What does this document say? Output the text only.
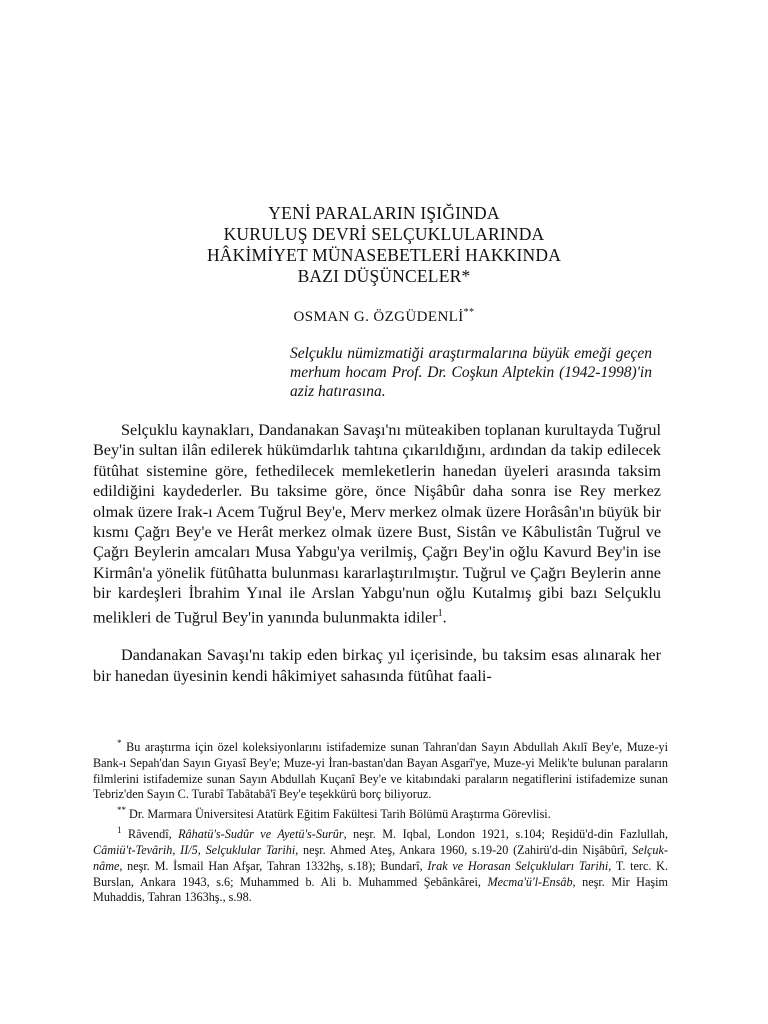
YENİ PARALARIN IŞIĞINDA
KURULUŞ DEVRİ SELÇUKLULARINDA
HÂKİMİYET MÜNASEBETLERİ HAKKINDA
BAZI DÜŞÜNCELER*
OSMAN G. ÖZGÜDENLİ**
Selçuklu nümizmatiği araştırmalarına büyük emeği geçen merhum hocam Prof. Dr. Coşkun Alptekin (1942-1998)'in aziz hatırasına.

Selçuklu kaynakları, Dandanakan Savaşı'nı müteakiben toplanan kurultayda Tuğrul Bey'in sultan ilân edilerek hükümdarlık tahtına çıkarıldığını, ardından da takip edilecek fütûhat sistemine göre, fethedilecek memleketlerin hanedan üyeleri arasında taksim edildiğini kaydederler. Bu taksime göre, önce Nişâbûr daha sonra ise Rey merkez olmak üzere Irak-ı Acem Tuğrul Bey'e, Merv merkez olmak üzere Horâsân'ın büyük bir kısmı Çağrı Bey'e ve Herât merkez olmak üzere Bust, Sistân ve Kâbulistân Tuğrul ve Çağrı Beylerin amcaları Musa Yabgu'ya verilmiş, Çağrı Bey'in oğlu Kavurd Bey'in ise Kirmân'a yönelik fütûhatta bulunması kararlaştırılmıştır. Tuğrul ve Çağrı Beylerin anne bir kardeşleri İbrahim Yınal ile Arslan Yabgu'nun oğlu Kutalmış gibi bazı Selçuklu melikleri de Tuğrul Bey'in yanında bulunmakta idiler$^1$.

Dandanakan Savaşı'nı takip eden birkaç yıl içerisinde, bu taksim esas alınarak her bir hanedan üyesinin kendi hâkimiyet sahasında fütûhat faali-

* Bu araştırma için özel koleksiyonlarını istifademize sunan Tahran'dan Sayın Abdullah Akılî Bey'e, Muze-yi Bank-ı Sepah'dan Sayın Gıyasî Bey'e; Muze-yi İran-bastan'dan Bayan Asgarî'ye, Muze-yi Melik'te bulunan paraların filmlerini istifademize sunan Sayın Abdullah Kuçanî Bey'e ve kitabındaki paraların negatiflerini istifademize sunan Tebriz'den Sayın C. Turabî Tabâtabâ'î Bey'e teşekkürü borç biliyoruz.

** Dr. Marmara Üniversitesi Atatürk Eğitim Fakültesi Tarih Bölümü Araştırma Görevlisi.

$^1$ Râvendî, Râhatü's-Sudûr ve Ayetü's-Surûr, neşr. M. Iqbal, London 1921, s.104; Reşidü'd-din Fazlullah, Câmiü't-Tevârih, II/5, Selçuklular Tarihi, neşr. Ahmed Ateş, Ankara 1960, s.19-20 (Zahirü'd-din Nişâbûrî, Selçuk-nâme, neşr. M. İsmail Han Afşar, Tahran 1332hş, s.18); Bundarî, Irak ve Horasan Selçukluları Tarihi, T. terc. K. Burslan, Ankara 1943, s.6; Muhammed b. Ali b. Muhammed Şebânkârei, Mecma'ü'l-Ensâb, neşr. Mir Haşim Muhaddis, Tahran 1363hş., s.98.
